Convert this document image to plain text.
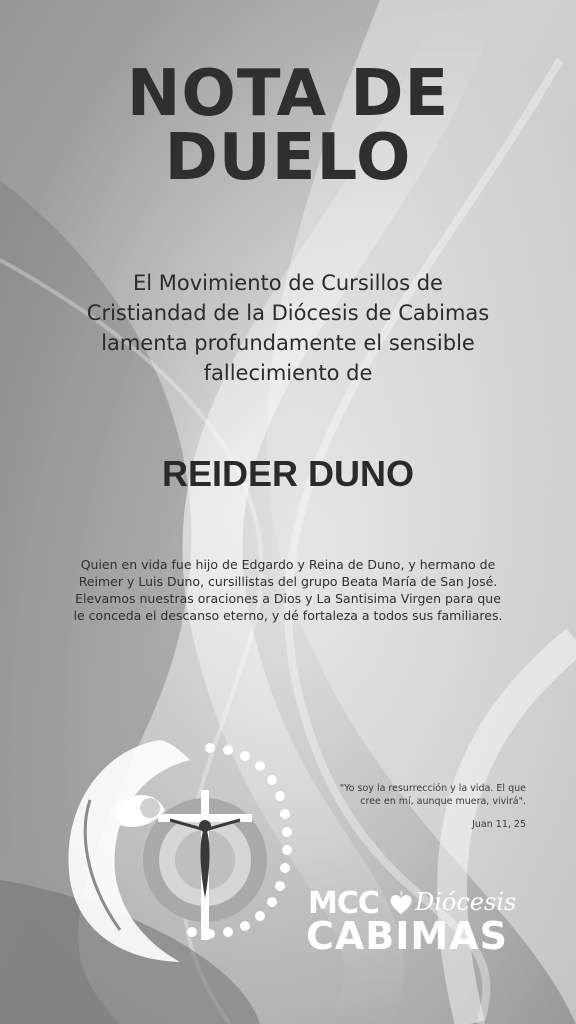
NOTA DE
DUELO
El Movimiento de Cursillos de
Cristiandad de la Diócesis de Cabimas
lamenta profundamente el sensible
fallecimiento de
REIDER DUNO
Quien en vida fue hijo de Edgardo y Reina de Duno, y hermano de
Reimer y Luis Duno, cursillistas del grupo Beata María de San José.
Elevamos nuestras oraciones a Dios y La Santisima Virgen para que
le conceda el descanso eterno, y dé fortaleza a todos sus familiares.
"Yo soy la resurrección y la vida. El que
cree en mí, aunque muera, vivirá".
Juan 11, 25
MCC Diócesis
CABIMAS
